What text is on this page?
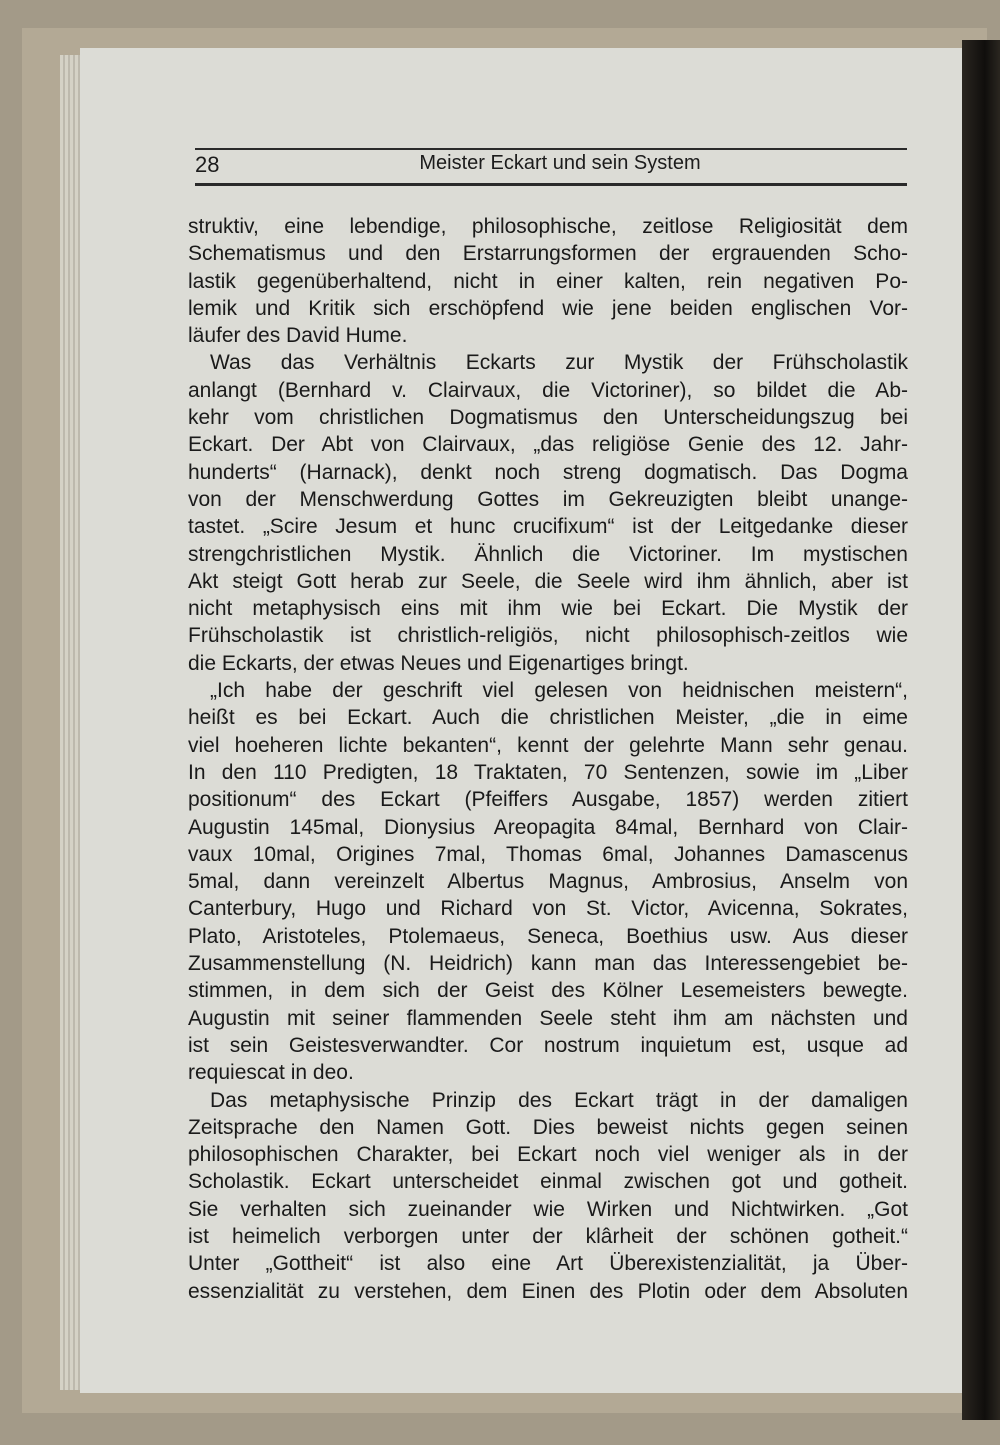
28	Meister Eckart und sein System
struktiv, eine lebendige, philosophische, zeitlose Religiosität dem
Schematismus und den Erstarrungsformen der ergrauenden Scho-
lastik gegenüberhaltend, nicht in einer kalten, rein negativen Po-
lemik und Kritik sich erschöpfend wie jene beiden englischen Vor-
läufer des David Hume.
Was das Verhältnis Eckarts zur Mystik der Frühscholastik
anlangt (Bernhard v. Clairvaux, die Victoriner), so bildet die Ab-
kehr vom christlichen Dogmatismus den Unterscheidungszug bei
Eckart. Der Abt von Clairvaux, „das religiöse Genie des 12. Jahr-
hunderts“ (Harnack), denkt noch streng dogmatisch. Das Dogma
von der Menschwerdung Gottes im Gekreuzigten bleibt unange-
tastet. „Scire Jesum et hunc crucifixum“ ist der Leitgedanke dieser
strengchristlichen Mystik. Ähnlich die Victoriner. Im mystischen
Akt steigt Gott herab zur Seele, die Seele wird ihm ähnlich, aber ist
nicht metaphysisch eins mit ihm wie bei Eckart. Die Mystik der
Frühscholastik ist christlich-religiös, nicht philosophisch-zeitlos wie
die Eckarts, der etwas Neues und Eigenartiges bringt.
„Ich habe der geschrift viel gelesen von heidnischen meistern“,
heißt es bei Eckart. Auch die christlichen Meister, „die in eime
viel hoeheren lichte bekanten“, kennt der gelehrte Mann sehr genau.
In den 110 Predigten, 18 Traktaten, 70 Sentenzen, sowie im „Liber
positionum“ des Eckart (Pfeiffers Ausgabe, 1857) werden zitiert
Augustin 145mal, Dionysius Areopagita 84mal, Bernhard von Clair-
vaux 10mal, Origines 7mal, Thomas 6mal, Johannes Damascenus
5mal, dann vereinzelt Albertus Magnus, Ambrosius, Anselm von
Canterbury, Hugo und Richard von St. Victor, Avicenna, Sokrates,
Plato, Aristoteles, Ptolemaeus, Seneca, Boethius usw. Aus dieser
Zusammenstellung (N. Heidrich) kann man das Interessengebiet be-
stimmen, in dem sich der Geist des Kölner Lesemeisters bewegte.
Augustin mit seiner flammenden Seele steht ihm am nächsten und
ist sein Geistesverwandter. Cor nostrum inquietum est, usque ad
requiescat in deo.
Das metaphysische Prinzip des Eckart trägt in der damaligen
Zeitsprache den Namen Gott. Dies beweist nichts gegen seinen
philosophischen Charakter, bei Eckart noch viel weniger als in der
Scholastik. Eckart unterscheidet einmal zwischen got und gotheit.
Sie verhalten sich zueinander wie Wirken und Nichtwirken. „Got
ist heimelich verborgen unter der klârheit der schönen gotheit.“
Unter „Gottheit“ ist also eine Art Überexistenzialität, ja Über-
essenzialität zu verstehen, dem Einen des Plotin oder dem Absoluten
